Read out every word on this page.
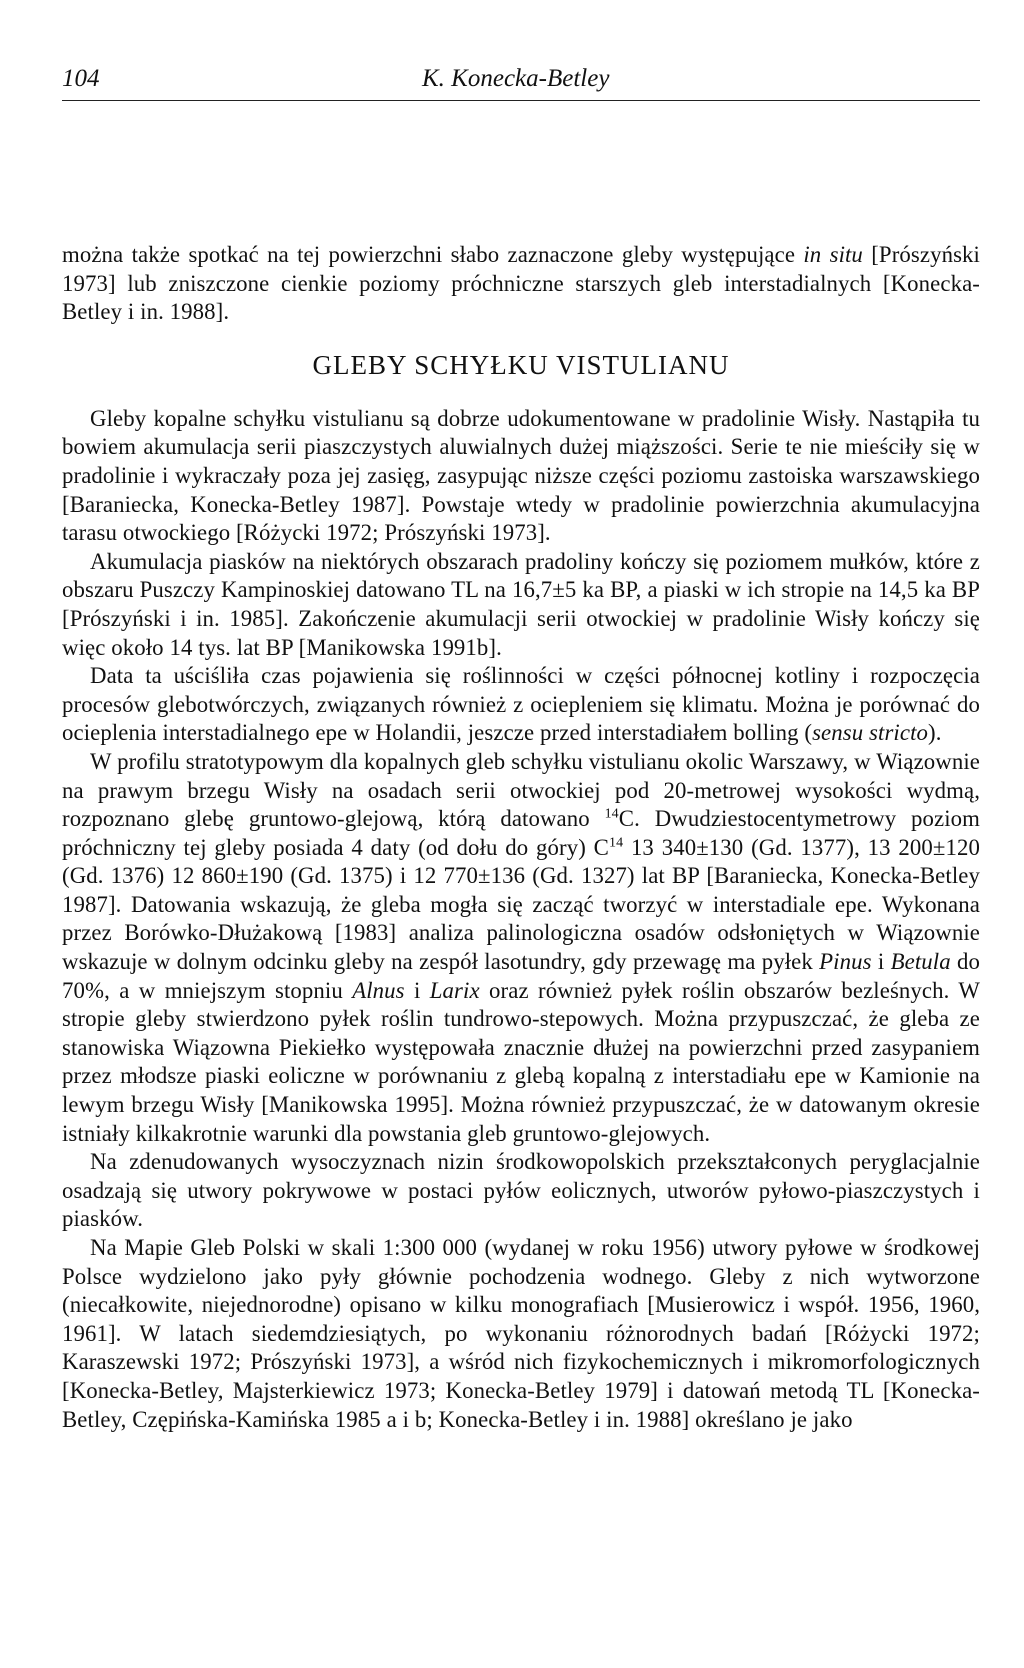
104	K. Konecka-Betley

można także spotkać na tej powierzchni słabo zaznaczone gleby występujące in situ [Prószyński 1973] lub zniszczone cienkie poziomy próchniczne starszych gleb interstadialnych [Konecka-Betley i in. 1988].

GLEBY SCHYŁKU VISTULIANU

Gleby kopalne schyłku vistulianu są dobrze udokumentowane w pradolinie Wisły. Nastąpiła tu bowiem akumulacja serii piaszczystych aluwialnych dużej miąższości. Serie te nie mieściły się w pradolinie i wykraczały poza jej zasięg, zasypując niższe części poziomu zastoiska warszawskiego [Baraniecka, Konecka-Betley 1987]. Powstaje wtedy w pradolinie powierzchnia akumulacyjna tarasu otwockiego [Różycki 1972; Prószyński 1973].

Akumulacja piasków na niektórych obszarach pradoliny kończy się poziomem mułków, które z obszaru Puszczy Kampinoskiej datowano TL na 16,7±5 ka BP, a piaski w ich stropie na 14,5 ka BP [Prószyński i in. 1985]. Zakończenie akumulacji serii otwockiej w pradolinie Wisły kończy się więc około 14 tys. lat BP [Manikowska 1991b].

Data ta uściśliła czas pojawienia się roślinności w części północnej kotliny i rozpoczęcia procesów glebotwórczych, związanych również z ociepleniem się klimatu. Można je porównać do ocieplenia interstadialnego epe w Holandii, jeszcze przed interstadiałem bolling (sensu stricto).

W profilu stratotypowym dla kopalnych gleb schyłku vistulianu okolic Warszawy, w Wiązownie na prawym brzegu Wisły na osadach serii otwockiej pod 20-metrowej wysokości wydmą, rozpoznano glebę gruntowo-glejową, którą datowano $^{14}$C. Dwudziestocentymetrowy poziom próchniczny tej gleby posiada 4 daty (od dołu do góry) $C^{14}$ 13 340±130 (Gd. 1377), 13 200±120 (Gd. 1376) 12 860±190 (Gd. 1375) i 12 770±136 (Gd. 1327) lat BP [Baraniecka, Konecka-Betley 1987]. Datowania wskazują, że gleba mogła się zacząć tworzyć w interstadiale epe. Wykonana przez Borówko-Dłużakową [1983] analiza palinologiczna osadów odsłoniętych w Wiązownie wskazuje w dolnym odcinku gleby na zespół lasotundry, gdy przewagę ma pyłek Pinus i Betula do 70%, a w mniejszym stopniu Alnus i Larix oraz również pyłek roślin obszarów bezleśnych. W stropie gleby stwierdzono pyłek roślin tundrowo-stepowych. Można przypuszczać, że gleba ze stanowiska Wiązowna Piekiełko występowała znacznie dłużej na powierzchni przed zasypaniem przez młodsze piaski eoliczne w porównaniu z glebą kopalną z interstadiału epe w Kamionie na lewym brzegu Wisły [Manikowska 1995]. Można również przypuszczać, że w datowanym okresie istniały kilkakrotnie warunki dla powstania gleb gruntowo-glejowych.

Na zdenudowanych wysoczyznach nizin środkowopolskich przekształconych peryglacjalnie osadzają się utwory pokrywowe w postaci pyłów eolicznych, utworów pyłowo-piaszczystych i piasków.

Na Mapie Gleb Polski w skali 1:300 000 (wydanej w roku 1956) utwory pyłowe w środkowej Polsce wydzielono jako pyły głównie pochodzenia wodnego. Gleby z nich wytworzone (niecałkowite, niejednorodne) opisano w kilku monografiach [Musierowicz i współ. 1956, 1960, 1961]. W latach siedemdziesiątych, po wykonaniu różnorodnych badań [Różycki 1972; Karaszewski 1972; Prószyński 1973], a wśród nich fizykochemicznych i mikromorfologicznych [Konecka-Betley, Majsterkiewicz 1973; Konecka-Betley 1979] i datowań metodą TL [Konecka-Betley, Czępińska-Kamińska 1985 a i b; Konecka-Betley i in. 1988] określano je jako
